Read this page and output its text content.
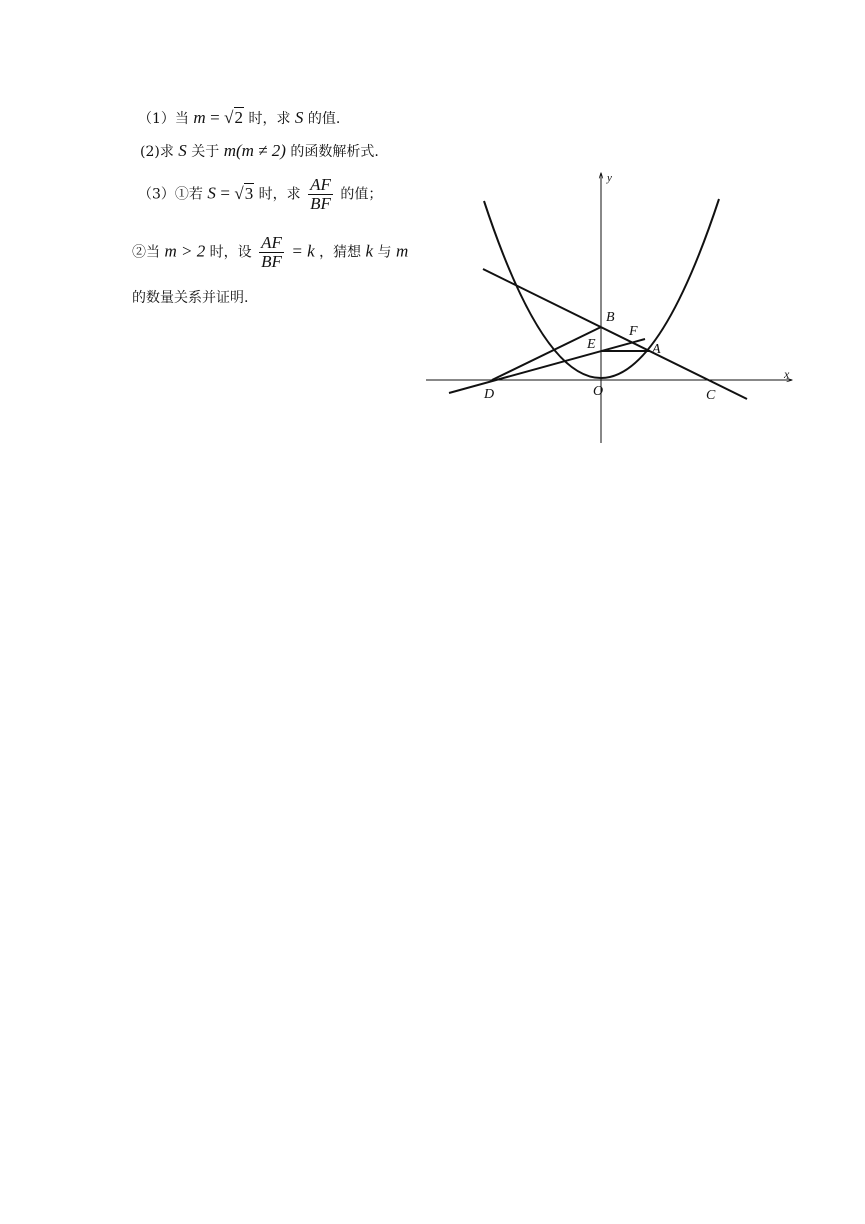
（1）当 m = √2 时，求 S 的值.
(2)求 S 关于 m(m ≠ 2) 的函数解析式.
（3）①若 S = √3 时，求 $\frac{AF}{BF}$ 的值；
②当 m > 2 时，设 $\frac{AF}{BF} = k$ ，猜想 k 与 m
的数量关系并证明.
y
x
O
B
F
E	A
D	C
